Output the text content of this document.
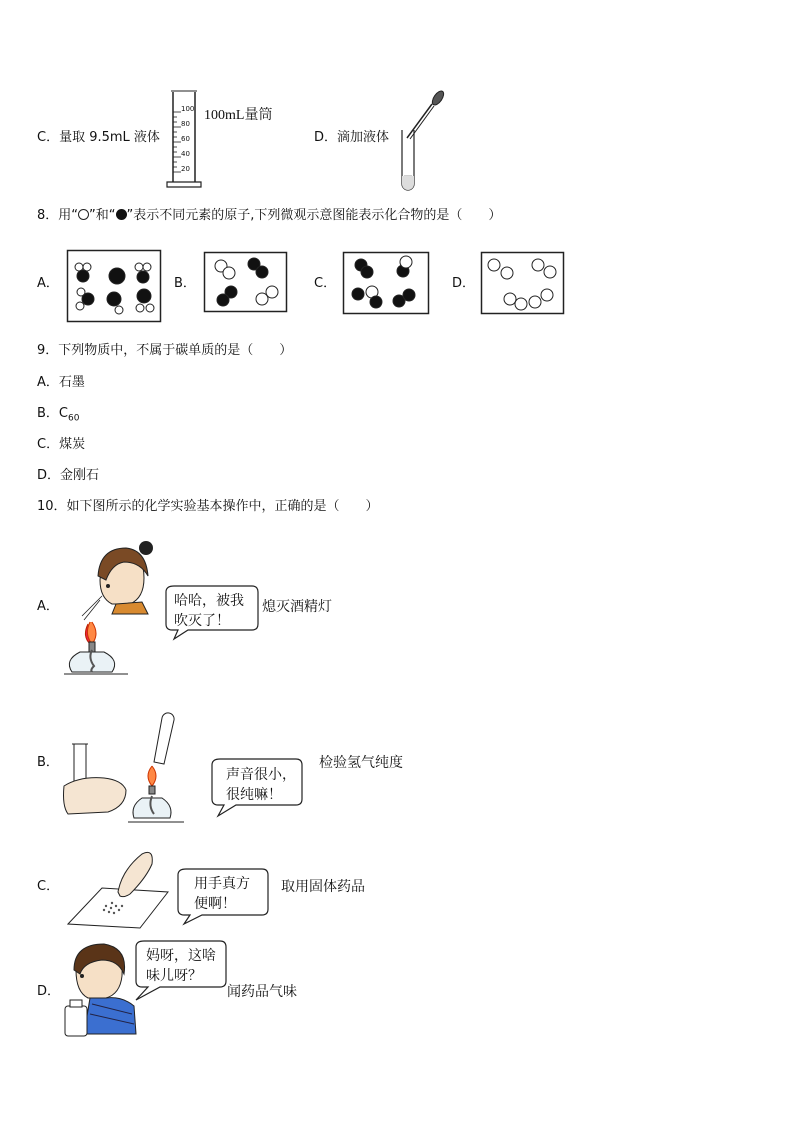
C．量取 9.5mL 液体
100
80
60
40
20
100mL量筒
D．滴加液体
8．用“ ”和“ ”表示不同元素的原子,下列微观示意图能表示化合物的是（　　）
A．	B．	C．	D．
9．下列物质中，不属于碳单质的是（　　）
A．石墨
B．$C_{60}$
C．煤炭
D．金刚石
10．如下图所示的化学实验基本操作中，正确的是（　　）
A．	哈哈，被我
吹灭了！
熄灭酒精灯
B．
声音很小，
很纯嘛！
检验氢气纯度
C．	用手真方
便啊！
取用固体药品
D．
妈呀，这啥
味儿呀？
闻药品气味
